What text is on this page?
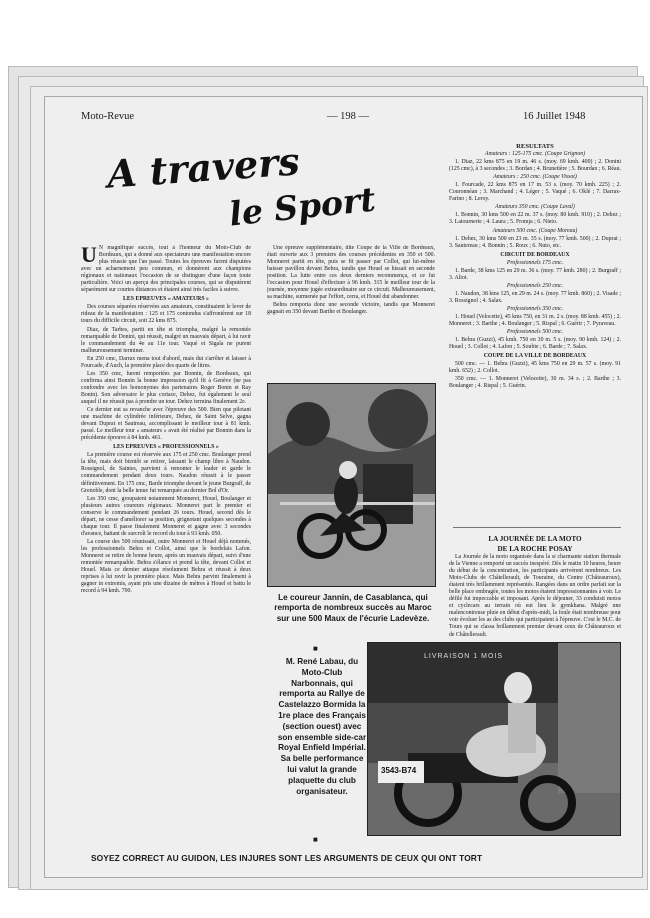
Moto-Revue	— 198 —	16 Juillet 1948
A travers
le Sport

U N magnifique succès, tout à l'honneur du Moto-Club de Bordeaux, qui a donné aux spectateurs une manifestation encore plus réussie que l'an passé. Toutes les épreuves furent disputées avec un acharnement peu commun, et donnèrent aux champions régionaux et nationaux l'occasion de se distinguer d'une façon toute particulière. Voici un aperçu des principales courses, qui se disputèrent séparément sur courtes distances et étaient ainsi très faciles à suivre.

LES EPREUVES « AMATEURS »

Des courses séparées réservées aux amateurs, constituaient le lever de rideau de la manifestation : 125 et 175 contondus s'affrontèrent sur 18 tours du difficile circuit, soit 22 kms 875.

Diaz, de Tarbes, partit en tête et triompha, malgré la remontée remarquable de Donini, qui réussit, malgré un mauvais départ, à lui ravir le commandement du 4e au 11e tour. Vaqué et Sigala ne purent malheureusement terminer.

En 250 cmc, Darrax mena tout d'abord, mais dut s'arrêter et laisser à Fourcade, d'Auch, la première place des quarts de litres.

Les 350 cmc, furent remportées par Bonnin, de Bordeaux, qui confirma ainsi Bonnin la bonne impression qu'il fit à Genève (ne pas confondre avec les homonymes des partenaires Roger Bonin et Ray Bonin). Son adversaire le plus coriace, Dehez, fut également le seul auquel il ne réussit pas à prendre un tour. Dehez termina finalement 2e.

Ce dernier eut sa revanche avec l'épreuve des 500. Bien que pilotant une machine de cylindrée inférieure, Dehez, de Saint Selve, gagna devant Duprat et Sautreau, accomplissant le meilleur tour à 81 kmh. passé. Le meilleur tour « amateurs » avait été réalisé par Bonnin dans la précédente épreuve à 84 kmh. 461.

LES EPREUVES « PROFESSIONNELS »

La première course est réservée aux 175 et 250 cmc. Boulanger prend la tête, mais doit bientôt se retirer, laissant le champ libre à Naudon. Rossignol, de Saintes, parvient à remonter le leader et garde le commandement pendant deux tours. Naudon réussit à le passer définitivement. En 175 cmc, Barde triomphe devant le jeune Burgraff, de Grenoble, dont la belle tenue fut remarquée au dernier Bol d'Or.

Les 350 cmc, groupaient notamment Monneret, Houel, Boulanger et plusieurs autres coureurs régionaux. Monneret part le premier et conserve le commandement pendant 26 tours. Houel, second dès le départ, ne cesse d'améliorer sa position, grignotant quelques secondes à chaque tour. Il passe finalement Monneret et gagne avec 3 secondes d'avance, battant de surcroît le record du tour à 93 kmh. 050.

La course des 500 réunissait, outre Monneret et Houel déjà nommés, les professionnels Behra et Collot, ainsi que le bordelais Lafon. Monneret se retire de bonne heure, après un mauvais départ, suivi d'une remontée remarquable. Behra s'élance et prend la tête, devant Collot et Houel. Mais ce dernier attaque résolument Behra et réussit à deux reprises à lui ravir la première place. Mais Behra parvint finalement à gagner in extremis, ayant pris une dizaine de mètres à Houel et battu le record à 94 kmh. 700.

Une épreuve supplémentaire, dite Coupe de la Ville de Bordeaux, était ouverte aux 3 premiers des courses précédentes en 350 et 500. Monneret partit en tête, puis se fit passer par Collot, qui lui-même baisser pavillon devant Behra, tandis que Houel se hissait en seconde position. La lutte entre ces deux derniers recommença, et ce fut l'occasion pour Houel d'effectuer à 96 kmh. 315 le meilleur tour de la journée, moyenne jugée extraordinaire sur ce circuit. Malheureusement, sa machine, surmenée par l'effort, cerra, et Houel dut abandonner.

Behra remporta donc une seconde victoire, tandis que Monneret gagnait en 350 devant Barthe et Boulanger.

Le coureur Jannin, de Casablanca, qui remporta de nombreux succès au Maroc sur une 500 Maux de l'écurie Ladevèze.
■
M. René Labau, du Moto-Club Narbonnais, qui remporta au Rallye de Castelazzo Bormida la 1re place des Français (section ouest) avec son ensemble side-car Royal Enfield Impérial. Sa belle performance lui valut la grande plaquette du club organisateur.
■
LIVRAISON 1 MOIS
3543-B74

RESULTATS

Amateurs : 125-175 cmc. (Coupe Grignon)

1. Diaz, 22 kms 875 en 19 m. 46 s. (moy. 69 kmh. 400) ; 2. Donini (125 cmc), à 3 secondes ; 3. Bordan ; 4. Brunetière ; 5. Bourdan ; 6. Réau.

Amateurs : 250 cmc. (Coupe Vissot)

1. Fourcade, 22 kms 875 en 17 m. 53 s. (moy. 70 kmh. 225) ; 2. Couronnéan ; 3. Marchand ; 4. Léger ; 5. Vaqué ; 6. Oklé ; 7. Darrax-Farino ; 8. Leroy.

Amateurs 350 cmc. (Coupe Laval)

1. Bonnin, 30 kms 500 en 22 m. 37 s. (moy. 80 kmh. 910) ; 2. Dehez ; 3. Latournerie ; 4. Laura ; 5. Fromja ; 6. Nieto.

Amateurs 500 cmc. (Coupe Moreau)

1. Dehez, 30 kms 500 en 23 m. 35 s. (moy. 77 kmh. 500) ; 2. Duprat ; 3. Sautereau ; 4. Bonnin ; 5. Roux ; 6. Nuto, etc.

CIRCUIT DE BORDEAUX

Professionnels 175 cmc.

1. Barde, 38 kms 125 en 29 m. 36 s. (moy. 77 kmh. 280) ; 2. Burgraff ; 3. Aliot.

Professionnels 250 cmc.

1. Naudon, 38 kms 125, en 29 m. 24 s. (moy. 77 kmh. 860) ; 2. Visade ; 3. Rossignol ; 4. Salax.

Professionnels 350 cmc.

1. Houel (Velocette), 45 kms 750, en 31 m. 2 s. (moy. 88 kmh. 455) ; 2. Monneret ; 3. Barthe ; 4. Boulanger ; 5. Rispal ; 6. Guérir ; 7. Pyraveau.

Professionnels 500 cmc.

1. Behra (Guzzi), 45 kmh. 750 en 30 m. 5 s. (moy. 90 kmh. 124) ; 2. Houel ; 3. Collot ; 4. Lafon ; 5. Soubie ; 6. Barde ; 7. Salax.

COUPE DE LA VILLE DE BORDEAUX

500 cmc. — 1. Behra (Guzzi), 45 kms 750 en 29 m. 57 s. (moy. 91 kmh. 652) ; 2. Collot.

350 cmc. — 1. Monneret (Velocette), 30 m. 34 s. ; 2. Barthe ; 3. Boulanger ; 4. Rispal ; 5. Guérin.

LA JOURNÉE DE LA MOTO

DE LA ROCHE POSAY

La Journée de la moto organisée dans la si charmante station thermale de la Vienne a remporté un succès inespéré. Dès le matin 10 heures, heure du début de la concentration, les participants arrivèrent nombreux. Les Moto-Clubs de Châtellerault, de Touraine, du Centre (Châteauroux), étaient très brillamment représentés. Rangées dans un ordre parfait sur la belle place ombragée, toutes les motos étaient impressionnantes à voir. Le défilé fut impeccable et imposant. Après le déjeuner, 33 conduisit motos et cyclecars au terrain où eut lieu le gymkhana. Malgré une malencontreuse pluie en début d'après-midi, la foule était nombreuse pour voir évoluer les as des clubs qui participaient à l'épreuve. C'est le M.C. de Tours qui se classa brillamment premier devant ceux de Châteauroux et de Châtellerault.

SOYEZ CORRECT AU GUIDON, LES INJURES SONT LES ARGUMENTS DE CEUX QUI ONT TORT
